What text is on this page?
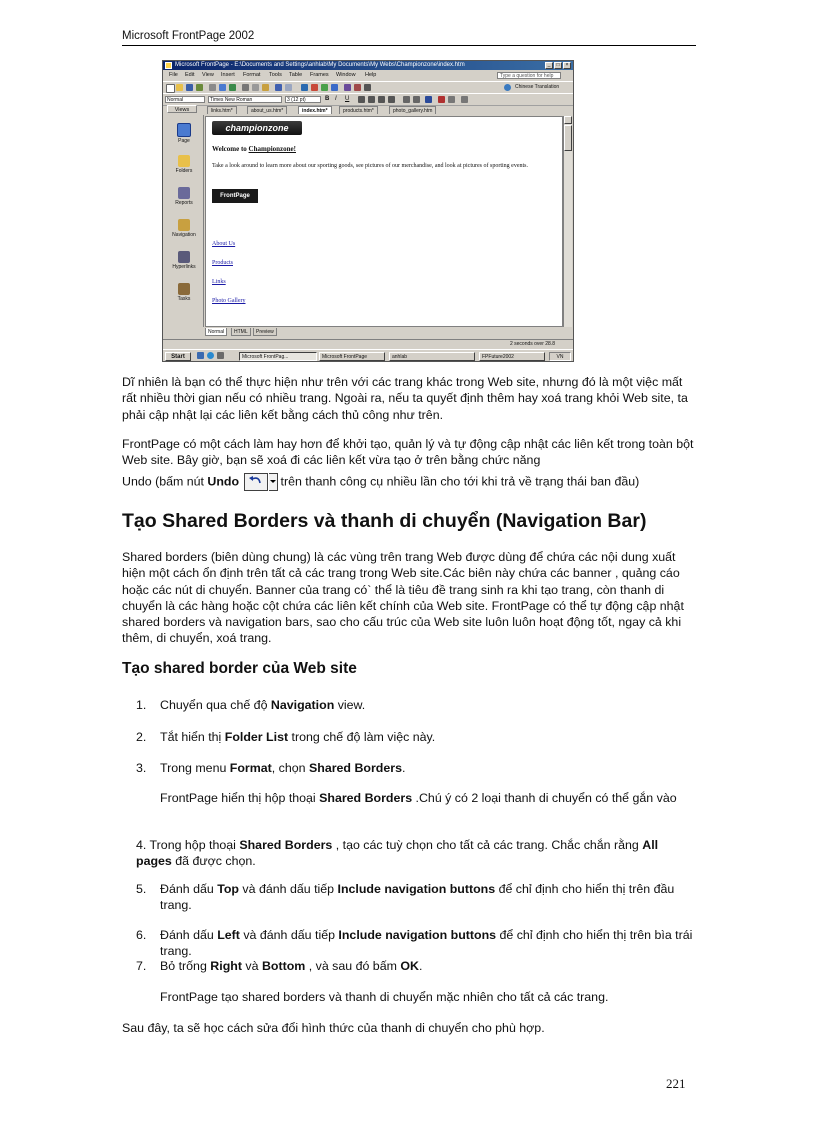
Microsoft FrontPage 2002
Microsoft FrontPage - E:\Documents and Settings\anhlab\My Documents\My Webs\Championzone\index.htm	_	□	×
File Edit View Insert Format Tools Table Frames Window Help	Type a question for help
Chinese Translation
Normal	Times New Roman	3 (12 pt)	B I	U
Views	links.htm*	about_us.htm*	index.htm*	products.htm*	photo_gallery.htm
Page
Folders
Reports
Navigation
Hyperlinks
Tasks
championzone
Welcome to Championzone!
Take a look around to learn more about our sporting goods, see pictures of our merchandise, and look at pictures of sporting events.
FrontPage
About Us
Products
Links
Photo Gallery
Normal	HTML	Preview
2 seconds over 28.8
Start	Microsoft FrontPag...	Microsoft FrontPage	anhlab	FPFuture2002	VN
Dĩ nhiên là bạn có thể thực hiện như trên với các trang khác trong Web site, nhưng đó là một việc mất rất nhiều thời gian nếu có nhiều trang. Ngoài ra, nếu ta quyết định thêm hay xoá trang khỏi Web site, ta phải cập nhật lại các liên kết bằng cách thủ công như trên.
FrontPage có một cách làm hay hơn để khởi tạo, quản lý và tự động cập nhật các liên kết trong toàn bột Web site. Bây giờ, bạn sẽ xoá đi các liên kết vừa tạo ở trên bằng chức năng
Undo (bấm nút Undo	trên thanh công cụ nhiều lần cho tới khi trả về trạng thái ban đầu)
Tạo Shared Borders và thanh di chuyển (Navigation Bar)
Shared borders (biên dùng chung) là các vùng trên trang Web được dùng để chứa các nội dung xuất hiện một cách ổn định trên tất cả các trang trong Web site.Các biên này chứa các banner , quảng cáo hoặc các nút di chuyển. Banner của trang có` thể là tiêu đề trang sinh ra khi tạo trang, còn thanh di chuyển là các hàng hoặc cột chứa các liên kết chính của Web site. FrontPage có thể tự động cập nhật shared borders và navigation bars, sao cho cấu trúc của Web site luôn luôn hoạt động tốt, ngay cả khi thêm, di chuyển, xoá trang.
Tạo shared border của Web site
1. Chuyển qua chế độ Navigation view.
2. Tắt hiển thị Folder List trong chế độ làm việc này.
3. Trong menu Format, chọn Shared Borders.
FrontPage hiển thị hộp thoại Shared Borders .Chú ý có 2 loại thanh di chuyển có thể gắn vào
4. Trong hộp thoại Shared Borders , tạo các tuỳ chọn cho tất cả các trang. Chắc chắn rằng All pages đã được chọn.
5. Đánh dấu Top và đánh dấu tiếp Include navigation buttons để chỉ định cho hiển thị trên đầu trang.
6. Đánh dấu Left và đánh dấu tiếp Include navigation buttons để chỉ định cho hiển thị trên bìa trái trang.
7. Bỏ trống Right và Bottom , và sau đó bấm OK.
FrontPage tạo shared borders và thanh di chuyển mặc nhiên cho tất cả các trang.
Sau đây, ta sẽ học cách sửa đổi hình thức của thanh di chuyển cho phù hợp.
221
